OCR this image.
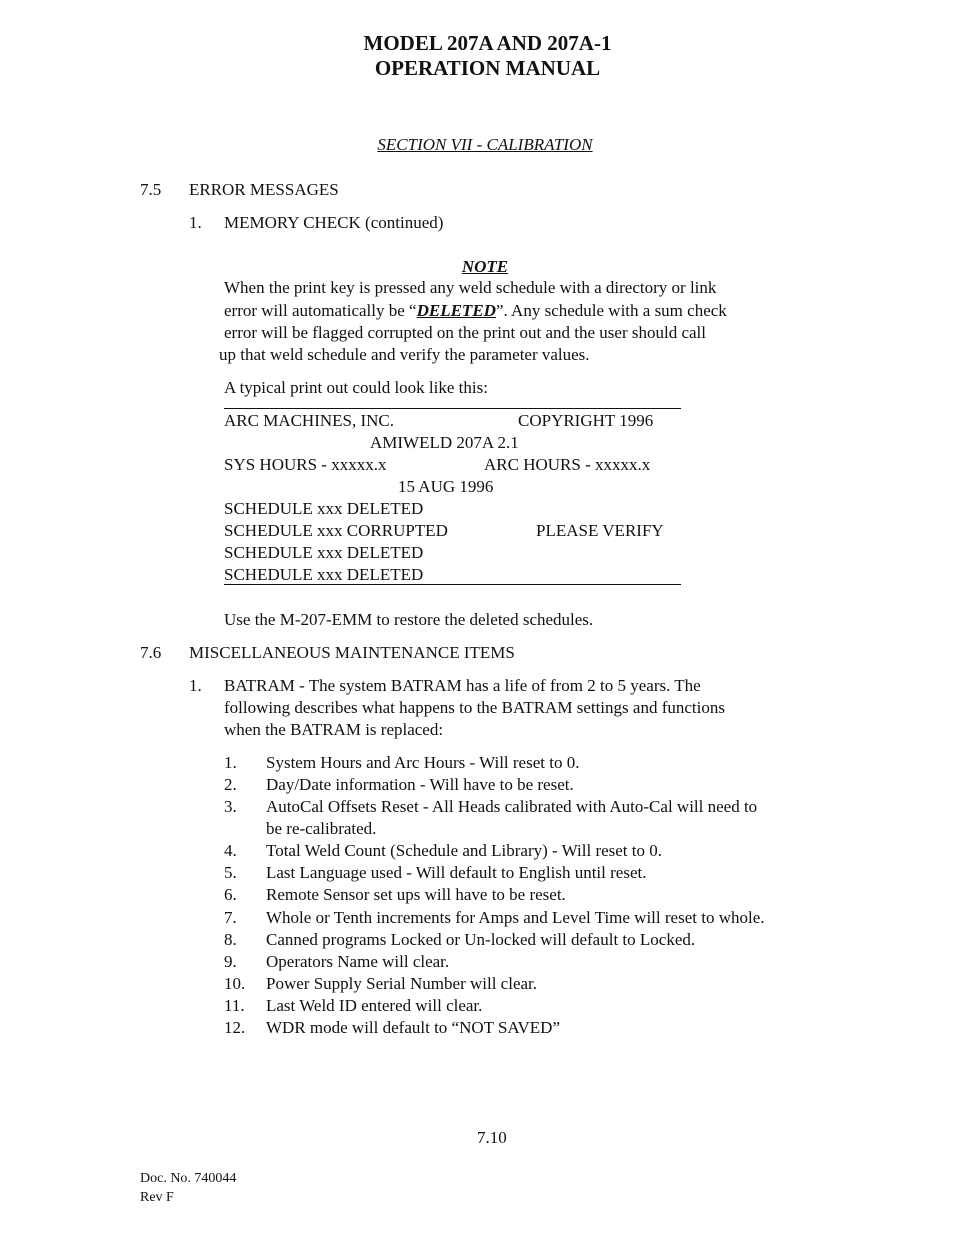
MODEL 207A AND 207A-1
OPERATION MANUAL
SECTION VII - CALIBRATION
7.5 ERROR MESSAGES
1. MEMORY CHECK (continued)
NOTE
When the print key is pressed any weld schedule with a directory or link
error will automatically be “DELETED”. Any schedule with a sum check
error will be flagged corrupted on the print out and the user should call
up that weld schedule and verify the parameter values.
A typical print out could look like this:
ARC MACHINES, INC.	COPYRIGHT 1996
AMIWELD 207A 2.1
SYS HOURS - xxxxx.x	ARC HOURS - xxxxx.x
15 AUG 1996
SCHEDULE xxx DELETED
SCHEDULE xxx CORRUPTED	PLEASE VERIFY
SCHEDULE xxx DELETED
SCHEDULE xxx DELETED
Use the M-207-EMM to restore the deleted schedules.
7.6 MISCELLANEOUS MAINTENANCE ITEMS
1. BATRAM - The system BATRAM has a life of from 2 to 5 years. The
following describes what happens to the BATRAM settings and functions
when the BATRAM is replaced:
1. System Hours and Arc Hours - Will reset to 0.
2. Day/Date information - Will have to be reset.
3. AutoCal Offsets Reset - All Heads calibrated with Auto-Cal will need to
be re-calibrated.
4. Total Weld Count (Schedule and Library) - Will reset to 0.
5. Last Language used - Will default to English until reset.
6. Remote Sensor set ups will have to be reset.
7. Whole or Tenth increments for Amps and Level Time will reset to whole.
8. Canned programs Locked or Un-locked will default to Locked.
9. Operators Name will clear.
10. Power Supply Serial Number will clear.
11. Last Weld ID entered will clear.
12. WDR mode will default to “NOT SAVED”
7.10
Doc. No. 740044
Rev F
